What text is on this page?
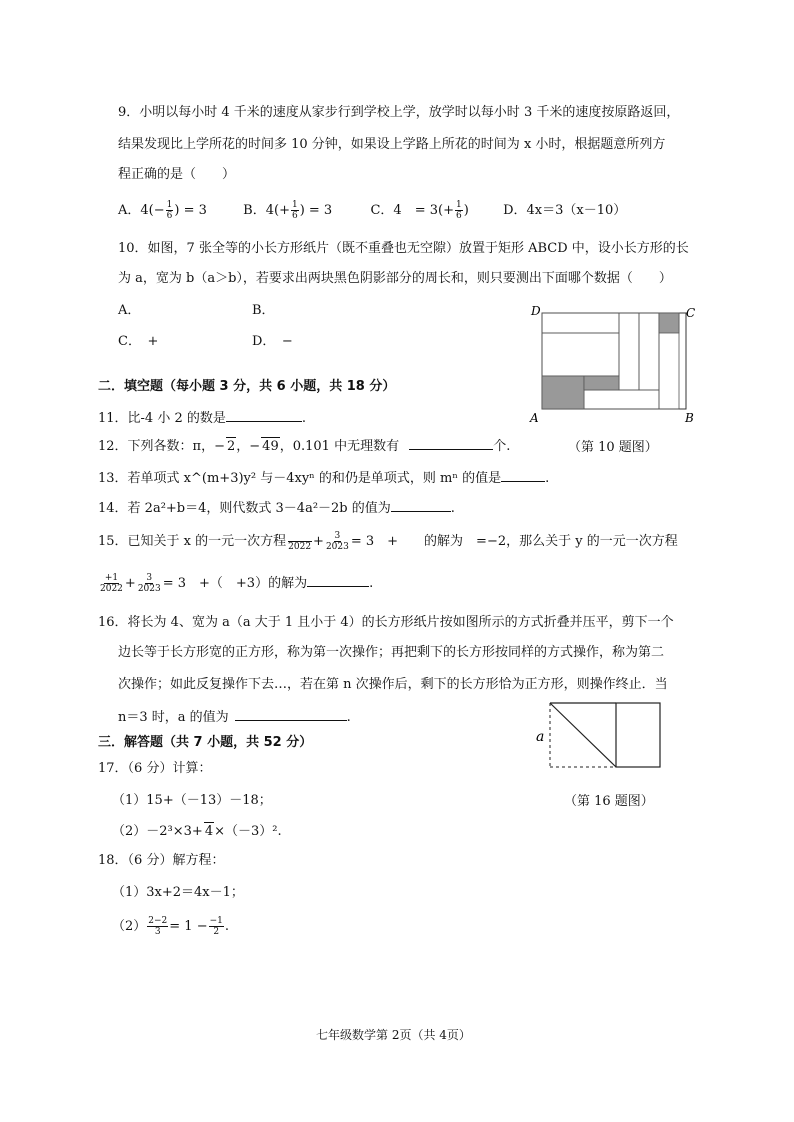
9．小明以每小时 4 千米的速度从家步行到学校上学，放学时以每小时 3 千米的速度按原路返回，
结果发现比上学所花的时间多 10 分钟，如果设上学路上所花的时间为 x 小时，根据题意所列方
程正确的是（　　）
A．$4(- \frac{1}{6}$ ) = 3	B．$4(+ \frac{1}{6}$ ) = 3	C．4　= $3(+ \frac{1}{6}$ )	D．4x＝3（x－10）
10．如图，7 张全等的小长方形纸片（既不重叠也无空隙）放置于矩形 ABCD 中，设小长方形的长
为 a，宽为 b（a＞b），若要求出两块黑色阴影部分的周长和，则只要测出下面哪个数据（　　）
A．	B．
C．　+	D．　−
D	C
A	B
（第 10 题图）
二．填空题（每小题 3 分，共 6 小题，共 18 分）
11．比-4 小 2 的数是	.
12．下列各数：π，− 2，− 49，0.101 中无理数有	个.
13．若单项式 x^(m+3)y² 与－4xyⁿ 的和仍是单项式，则 mⁿ 的值是	.
14．若 2a²+b＝4，则代数式 3－4a²－2b 的值为	.
15．已知关于 x 的一元一次方程 $2022 + \frac{3}{2023} = 3$　+　　的解为　=−2，那么关于 y 的一元一次方程
$\frac{+1}{2022} + \frac{3}{2023} = 3$　+（　+3）的解为	.
16．将长为 4、宽为 a（a 大于 1 且小于 4）的长方形纸片按如图所示的方式折叠并压平，剪下一个
边长等于长方形宽的正方形，称为第一次操作；再把剩下的长方形按同样的方式操作，称为第二
次操作；如此反复操作下去…，若在第 n 次操作后，剩下的长方形恰为正方形，则操作终止．当
n＝3 时，a 的值为	.
a
（第 16 题图）
三．解答题（共 7 小题，共 52 分）
17．（6 分）计算：
（1）15+（－13）－18；
（2）－2³×3+ 4×（－3）².
18．（6 分）解方程：
（1）3x+2＝4x－1；
$(2) \frac{2-2}{3} = 1 - \frac{-1}{2}$ .
七年级数学第 2页（共 4页）
